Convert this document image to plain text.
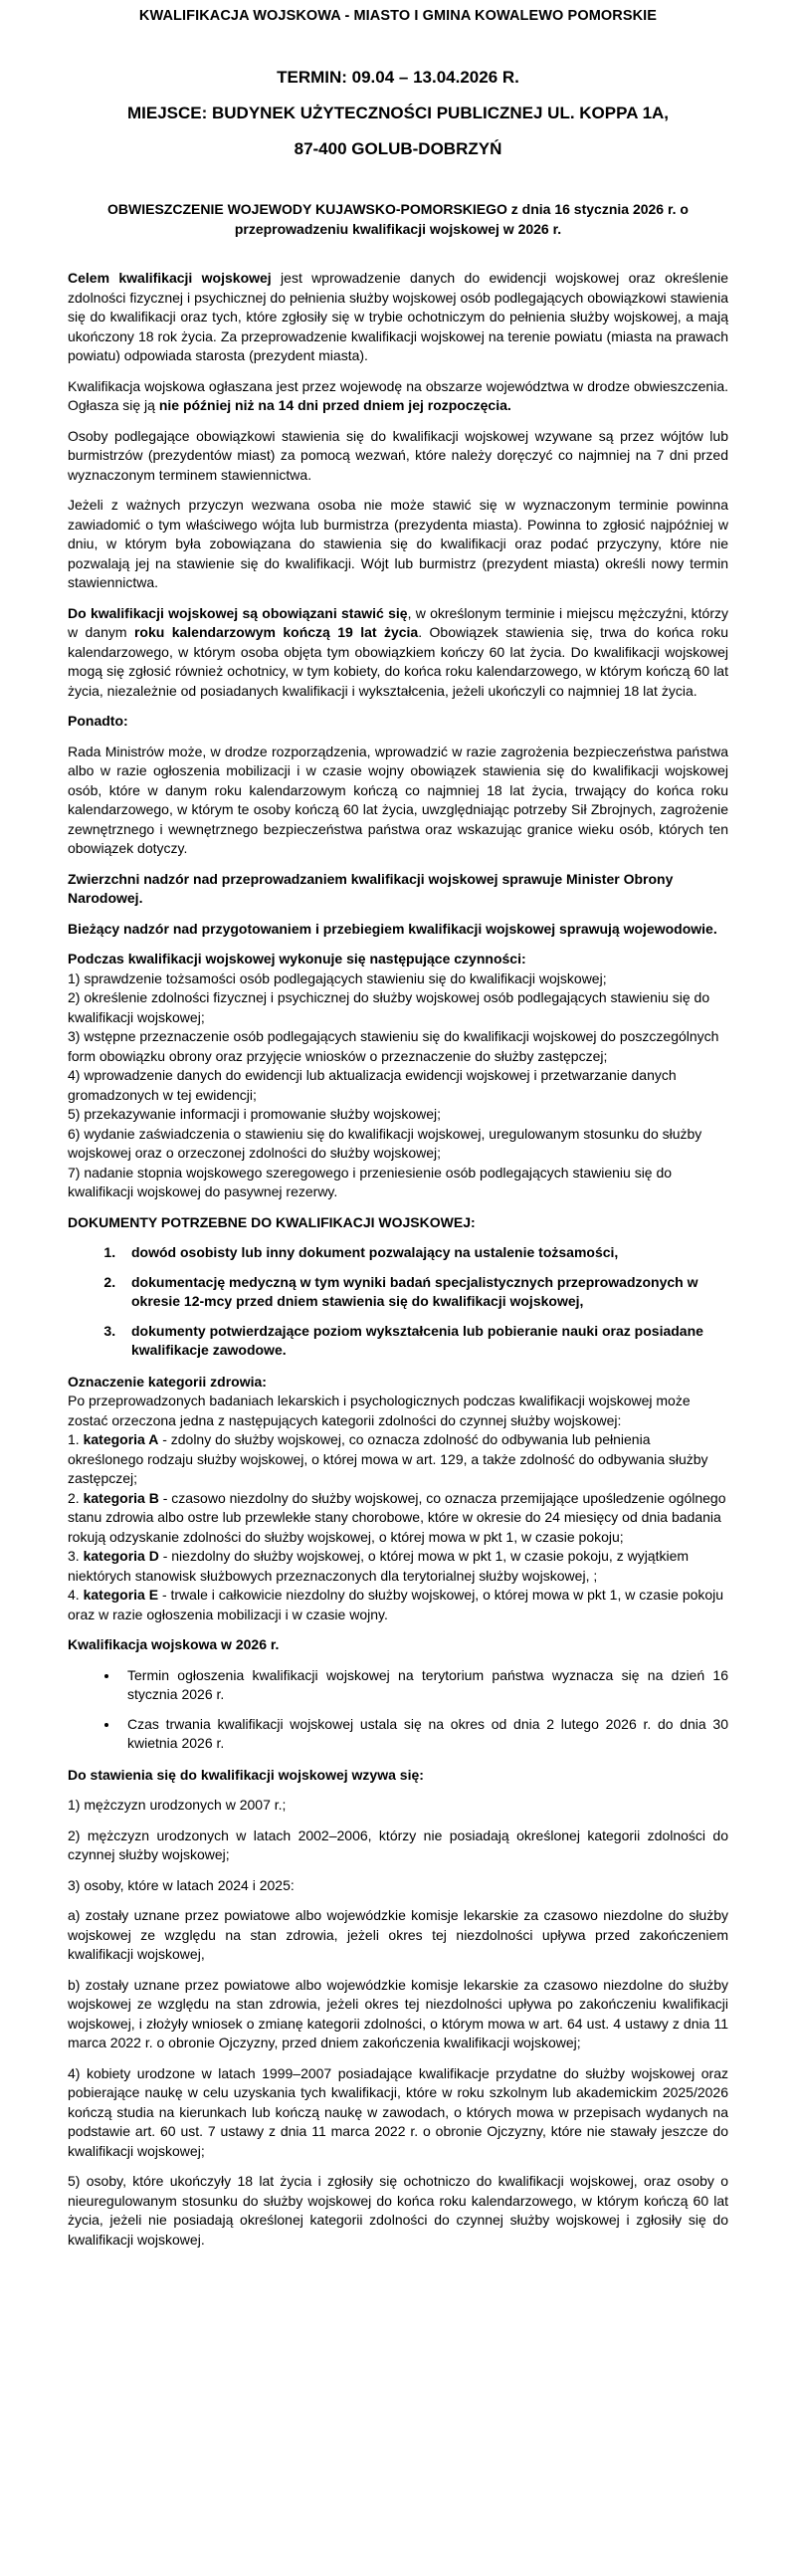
KWALIFIKACJA WOJSKOWA - MIASTO I GMINA KOWALEWO POMORSKIE
TERMIN: 09.04 – 13.04.2026 R.
MIEJSCE: BUDYNEK UŻYTECZNOŚCI PUBLICZNEJ UL. KOPPA 1A,
87-400 GOLUB-DOBRZYŃ
OBWIESZCZENIE WOJEWODY KUJAWSKO-POMORSKIEGO z dnia 16 stycznia 2026 r. o przeprowadzeniu kwalifikacji wojskowej w 2026 r.

Celem kwalifikacji wojskowej jest wprowadzenie danych do ewidencji wojskowej oraz określenie zdolności fizycznej i psychicznej do pełnienia służby wojskowej osób podlegających obowiązkowi stawienia się do kwalifikacji oraz tych, które zgłosiły się w trybie ochotniczym do pełnienia służby wojskowej, a mają ukończony 18 rok życia. Za przeprowadzenie kwalifikacji wojskowej na terenie powiatu (miasta na prawach powiatu) odpowiada starosta (prezydent miasta).

Kwalifikacja wojskowa ogłaszana jest przez wojewodę na obszarze województwa w drodze obwieszczenia. Ogłasza się ją nie później niż na 14 dni przed dniem jej rozpoczęcia.

Osoby podlegające obowiązkowi stawienia się do kwalifikacji wojskowej wzywane są przez wójtów lub burmistrzów (prezydentów miast) za pomocą wezwań, które należy doręczyć co najmniej na 7 dni przed wyznaczonym terminem stawiennictwa.

Jeżeli z ważnych przyczyn wezwana osoba nie może stawić się w wyznaczonym terminie powinna zawiadomić o tym właściwego wójta lub burmistrza (prezydenta miasta). Powinna to zgłosić najpóźniej w dniu, w którym była zobowiązana do stawienia się do kwalifikacji oraz podać przyczyny, które nie pozwalają jej na stawienie się do kwalifikacji. Wójt lub burmistrz (prezydent miasta) określi nowy termin stawiennictwa.

Do kwalifikacji wojskowej są obowiązani stawić się, w określonym terminie i miejscu mężczyźni, którzy w danym roku kalendarzowym kończą 19 lat życia. Obowiązek stawienia się, trwa do końca roku kalendarzowego, w którym osoba objęta tym obowiązkiem kończy 60 lat życia. Do kwalifikacji wojskowej mogą się zgłosić również ochotnicy, w tym kobiety, do końca roku kalendarzowego, w którym kończą 60 lat życia, niezależnie od posiadanych kwalifikacji i wykształcenia, jeżeli ukończyli co najmniej 18 lat życia.

Ponadto:

Rada Ministrów może, w drodze rozporządzenia, wprowadzić w razie zagrożenia bezpieczeństwa państwa albo w razie ogłoszenia mobilizacji i w czasie wojny obowiązek stawienia się do kwalifikacji wojskowej osób, które w danym roku kalendarzowym kończą co najmniej 18 lat życia, trwający do końca roku kalendarzowego, w którym te osoby kończą 60 lat życia, uwzględniając potrzeby Sił Zbrojnych, zagrożenie zewnętrznego i wewnętrznego bezpieczeństwa państwa oraz wskazując granice wieku osób, których ten obowiązek dotyczy.

Zwierzchni nadzór nad przeprowadzaniem kwalifikacji wojskowej sprawuje Minister Obrony Narodowej.
Bieżący nadzór nad przygotowaniem i przebiegiem kwalifikacji wojskowej sprawują wojewodowie.
Podczas kwalifikacji wojskowej wykonuje się następujące czynności:
1) sprawdzenie tożsamości osób podlegających stawieniu się do kwalifikacji wojskowej;
2) określenie zdolności fizycznej i psychicznej do służby wojskowej osób podlegających stawieniu się do kwalifikacji wojskowej;
3) wstępne przeznaczenie osób podlegających stawieniu się do kwalifikacji wojskowej do poszczególnych form obowiązku obrony oraz przyjęcie wniosków o przeznaczenie do służby zastępczej;
4) wprowadzenie danych do ewidencji lub aktualizacja ewidencji wojskowej i przetwarzanie danych gromadzonych w tej ewidencji;
5) przekazywanie informacji i promowanie służby wojskowej;
6) wydanie zaświadczenia o stawieniu się do kwalifikacji wojskowej, uregulowanym stosunku do służby wojskowej oraz o orzeczonej zdolności do służby wojskowej;
7) nadanie stopnia wojskowego szeregowego i przeniesienie osób podlegających stawieniu się do kwalifikacji wojskowej do pasywnej rezerwy.
DOKUMENTY POTRZEBNE DO KWALIFIKACJI WOJSKOWEJ:
1. dowód osobisty lub inny dokument pozwalający na ustalenie tożsamości,
2. dokumentację medyczną w tym wyniki badań specjalistycznych przeprowadzonych w okresie 12-mcy przed dniem stawienia się do kwalifikacji wojskowej,
3. dokumenty potwierdzające poziom wykształcenia lub pobieranie nauki oraz posiadane kwalifikacje zawodowe.
Oznaczenie kategorii zdrowia:
Po przeprowadzonych badaniach lekarskich i psychologicznych podczas kwalifikacji wojskowej może zostać orzeczona jedna z następujących kategorii zdolności do czynnej służby wojskowej:
1. kategoria A - zdolny do służby wojskowej, co oznacza zdolność do odbywania lub pełnienia określonego rodzaju służby wojskowej, o której mowa w art. 129, a także zdolność do odbywania służby zastępczej;
2. kategoria B - czasowo niezdolny do służby wojskowej, co oznacza przemijające upośledzenie ogólnego stanu zdrowia albo ostre lub przewlekłe stany chorobowe, które w okresie do 24 miesięcy od dnia badania rokują odzyskanie zdolności do służby wojskowej, o której mowa w pkt 1, w czasie pokoju;
3. kategoria D - niezdolny do służby wojskowej, o której mowa w pkt 1, w czasie pokoju, z wyjątkiem niektórych stanowisk służbowych przeznaczonych dla terytorialnej służby wojskowej, ;
4. kategoria E - trwale i całkowicie niezdolny do służby wojskowej, o której mowa w pkt 1, w czasie pokoju oraz w razie ogłoszenia mobilizacji i w czasie wojny.
Kwalifikacja wojskowa w 2026 r.
• Termin ogłoszenia kwalifikacji wojskowej na terytorium państwa wyznacza się na dzień 16 stycznia 2026 r.
• Czas trwania kwalifikacji wojskowej ustala się na okres od dnia 2 lutego 2026 r. do dnia 30 kwietnia 2026 r.
Do stawienia się do kwalifikacji wojskowej wzywa się:

1) mężczyzn urodzonych w 2007 r.;

2) mężczyzn urodzonych w latach 2002–2006, którzy nie posiadają określonej kategorii zdolności do czynnej służby wojskowej;

3) osoby, które w latach 2024 i 2025:

a) zostały uznane przez powiatowe albo wojewódzkie komisje lekarskie za czasowo niezdolne do służby wojskowej ze względu na stan zdrowia, jeżeli okres tej niezdolności upływa przed zakończeniem kwalifikacji wojskowej,

b) zostały uznane przez powiatowe albo wojewódzkie komisje lekarskie za czasowo niezdolne do służby wojskowej ze względu na stan zdrowia, jeżeli okres tej niezdolności upływa po zakończeniu kwalifikacji wojskowej, i złożyły wniosek o zmianę kategorii zdolności, o którym mowa w art. 64 ust. 4 ustawy z dnia 11 marca 2022 r. o obronie Ojczyzny, przed dniem zakończenia kwalifikacji wojskowej;

4) kobiety urodzone w latach 1999–2007 posiadające kwalifikacje przydatne do służby wojskowej oraz pobierające naukę w celu uzyskania tych kwalifikacji, które w roku szkolnym lub akademickim 2025/2026 kończą studia na kierunkach lub kończą naukę w zawodach, o których mowa w przepisach wydanych na podstawie art. 60 ust. 7 ustawy z dnia 11 marca 2022 r. o obronie Ojczyzny, które nie stawały jeszcze do kwalifikacji wojskowej;

5) osoby, które ukończyły 18 lat życia i zgłosiły się ochotniczo do kwalifikacji wojskowej, oraz osoby o nieuregulowanym stosunku do służby wojskowej do końca roku kalendarzowego, w którym kończą 60 lat życia, jeżeli nie posiadają określonej kategorii zdolności do czynnej służby wojskowej i zgłosiły się do kwalifikacji wojskowej.
